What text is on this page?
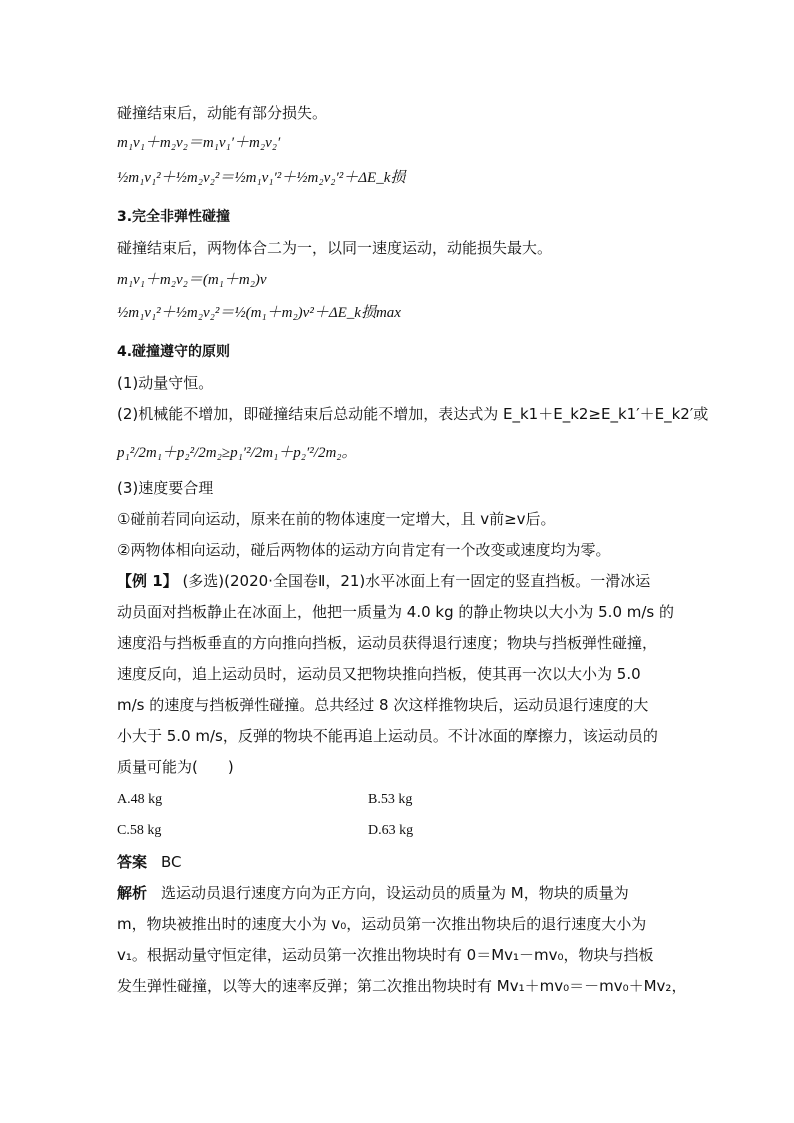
碰撞结束后，动能有部分损失。
m₁v₁＋m₂v₂＝m₁v₁′＋m₂v₂′
½m₁v₁²＋½m₂v₂²＝½m₁v₁′²＋½m₂v₂′²＋ΔE_k损
3.完全非弹性碰撞
碰撞结束后，两物体合二为一，以同一速度运动，动能损失最大。
m₁v₁＋m₂v₂＝(m₁＋m₂)v
½m₁v₁²＋½m₂v₂²＝½(m₁＋m₂)v²＋ΔE_k损max
4.碰撞遵守的原则
(1)动量守恒。
(2)机械能不增加，即碰撞结束后总动能不增加，表达式为 E_k1＋E_k2≥E_k1′＋E_k2′或
p₁²/2m₁＋p₂²/2m₂≥p₁′²/2m₁＋p₂′²/2m₂。
(3)速度要合理
①碰前若同向运动，原来在前的物体速度一定增大，且 v前≥v后。
②两物体相向运动，碰后两物体的运动方向肯定有一个改变或速度均为零。
【例 1】 (多选)(2020·全国卷Ⅱ，21)水平冰面上有一固定的竖直挡板。一滑冰运
动员面对挡板静止在冰面上，他把一质量为 4.0 kg 的静止物块以大小为 5.0 m/s 的
速度沿与挡板垂直的方向推向挡板，运动员获得退行速度；物块与挡板弹性碰撞，
速度反向，追上运动员时，运动员又把物块推向挡板，使其再一次以大小为 5.0
m/s 的速度与挡板弹性碰撞。总共经过 8 次这样推物块后，运动员退行速度的大
小大于 5.0 m/s，反弹的物块不能再追上运动员。不计冰面的摩擦力，该运动员的
质量可能为(　　)
A.48 kg	B.53 kg
C.58 kg	D.63 kg
答案 BC
解析 选运动员退行速度方向为正方向，设运动员的质量为 M，物块的质量为
m，物块被推出时的速度大小为 v₀，运动员第一次推出物块后的退行速度大小为
v₁。根据动量守恒定律，运动员第一次推出物块时有 0＝Mv₁－mv₀，物块与挡板
发生弹性碰撞，以等大的速率反弹；第二次推出物块时有 Mv₁＋mv₀＝－mv₀＋Mv₂，
